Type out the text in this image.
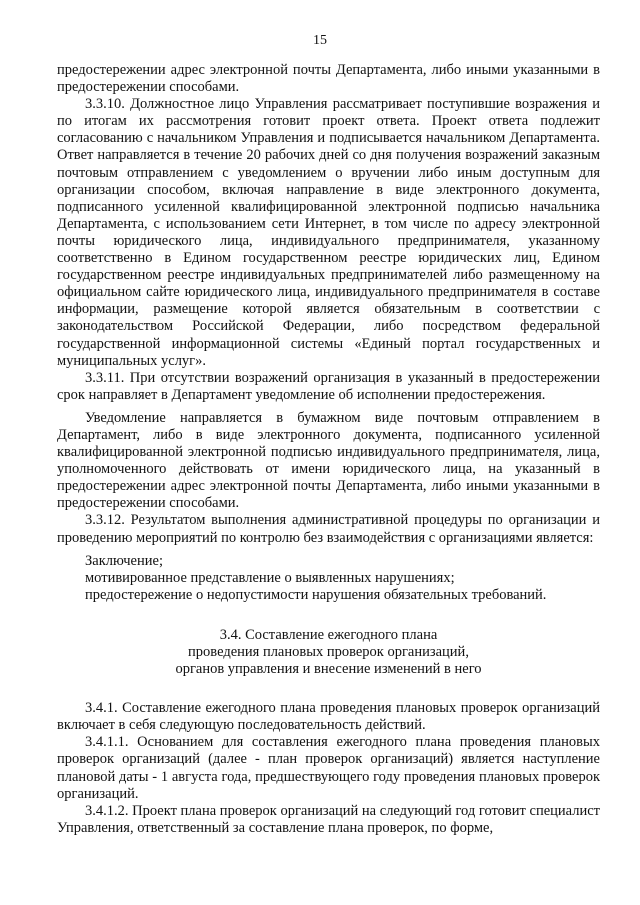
15

предостережении адрес электронной почты Департамента, либо иными указанными в предостережении способами.

3.3.10. Должностное лицо Управления рассматривает поступившие возражения и по итогам их рассмотрения готовит проект ответа. Проект ответа подлежит согласованию с начальником Управления и подписывается начальником Департамента. Ответ направляется в течение 20 рабочих дней со дня получения возражений заказным почтовым отправлением с уведомлением о вручении либо иным доступным для организации способом, включая направление в виде электронного документа, подписанного усиленной квалифицированной электронной подписью начальника Департамента, с использованием сети Интернет, в том числе по адресу электронной почты юридического лица, индивидуального предпринимателя, указанному соответственно в Едином государственном реестре юридических лиц, Едином государственном реестре индивидуальных предпринимателей либо размещенному на официальном сайте юридического лица, индивидуального предпринимателя в составе информации, размещение которой является обязательным в соответствии с законодательством Российской Федерации, либо посредством федеральной государственной информационной системы «Единый портал государственных и муниципальных услуг».

3.3.11. При отсутствии возражений организация в указанный в предостережении срок направляет в Департамент уведомление об исполнении предостережения.

Уведомление направляется в бумажном виде почтовым отправлением в Департамент, либо в виде электронного документа, подписанного усиленной квалифицированной электронной подписью индивидуального предпринимателя, лица, уполномоченного действовать от имени юридического лица, на указанный в предостережении адрес электронной почты Департамента, либо иными указанными в предостережении способами.

3.3.12. Результатом выполнения административной процедуры по организации и проведению мероприятий по контролю без взаимодействия с организациями является:

Заключение;

мотивированное представление о выявленных нарушениях;

предостережение о недопустимости нарушения обязательных требований.

3.4. Составление ежегодного плана
проведения плановых проверок организаций,
органов управления и внесение изменений в него

3.4.1. Составление ежегодного плана проведения плановых проверок организаций включает в себя следующую последовательность действий.

3.4.1.1. Основанием для составления ежегодного плана проведения плановых проверок организаций (далее - план проверок организаций) является наступление плановой даты - 1 августа года, предшествующего году проведения плановых проверок организаций.

3.4.1.2. Проект плана проверок организаций на следующий год готовит специалист Управления, ответственный за составление плана проверок, по форме,
